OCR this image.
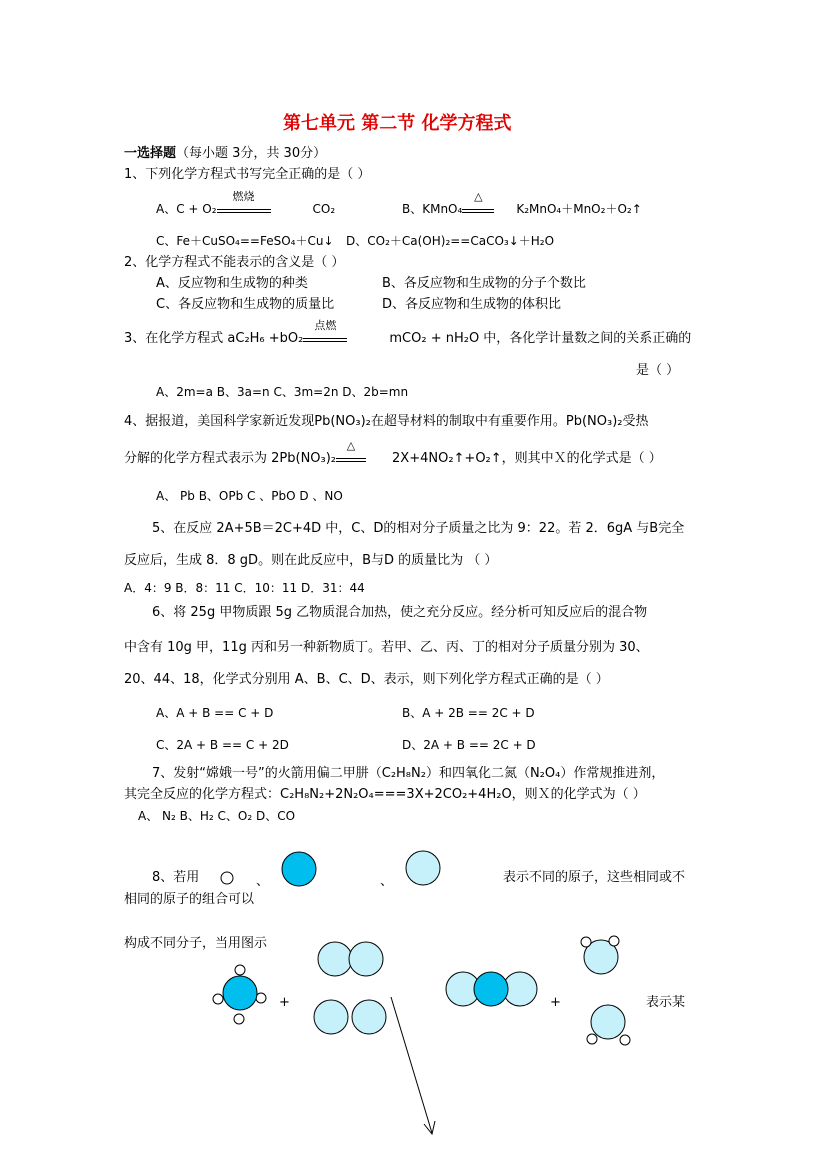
第七单元 第二节 化学方程式
一选择题（每小题 3分，共 30分）
1、下列化学方程式书写完全正确的是（ ）
A、C + O₂
燃烧
CO₂	B、KMnO₄
△
K₂MnO₄＋MnO₂＋O₂↑
C、Fe＋CuSO₄==FeSO₄＋Cu↓ D、CO₂＋Ca(OH)₂==CaCO₃↓＋H₂O
2、化学方程式不能表示的含义是（ ）
A、反应物和生成物的种类	B、各反应物和生成物的分子个数比
C、各反应物和生成物的质量比	D、各反应物和生成物的体积比
3、在化学方程式 aC₂H₆ +bO₂
点燃
mCO₂ + nH₂O 中，各化学计量数之间的关系正确的
是（ ）
A、2m=a B、3a=n C、3m=2n D、2b=mn
4、据报道，美国科学家新近发现Pb(NO₃)₂在超导材料的制取中有重要作用。Pb(NO₃)₂受热
分解的化学方程式表示为 2Pb(NO₃)₂
△
2X+4NO₂↑+O₂↑，则其中Ｘ的化学式是（ ）
A、 Pb B、OPb C 、PbO D 、NO
5、在反应 2A+5B＝2C+4D 中，C、D的相对分子质量之比为 9：22。若 2．6gA 与B完全
反应后，生成 8．8 gD。则在此反应中，B与D 的质量比为 （ ）
A．4：9 B．8：11 C．10：11 D．31：44
6、将 25g 甲物质跟 5g 乙物质混合加热，使之充分反应。经分析可知反应后的混合物
中含有 10g 甲，11g 丙和另一种新物质丁。若甲、乙、丙、丁的相对分子质量分别为 30、
20、44、18，化学式分别用 A、B、C、D、表示，则下列化学方程式正确的是（ ）
A、A + B == C + D	B、A + 2B == 2C + D
C、2A + B == C + 2D	D、2A + B == 2C + D
7、发射“嫦娥一号”的火箭用偏二甲肼（C₂H₈N₂）和四氧化二氮（N₂O₄）作常规推进剂，
其完全反应的化学方程式：C₂H₈N₂+2N₂O₄===3X+2CO₂+4H₂O，则Ｘ的化学式为（ ）
A、 N₂ B、H₂ C、O₂ D、CO
8、若用	、	、	表示不同的原子，这些相同或不
相同的原子的组合可以
构成不同分子，当用图示
+	+	表示某
